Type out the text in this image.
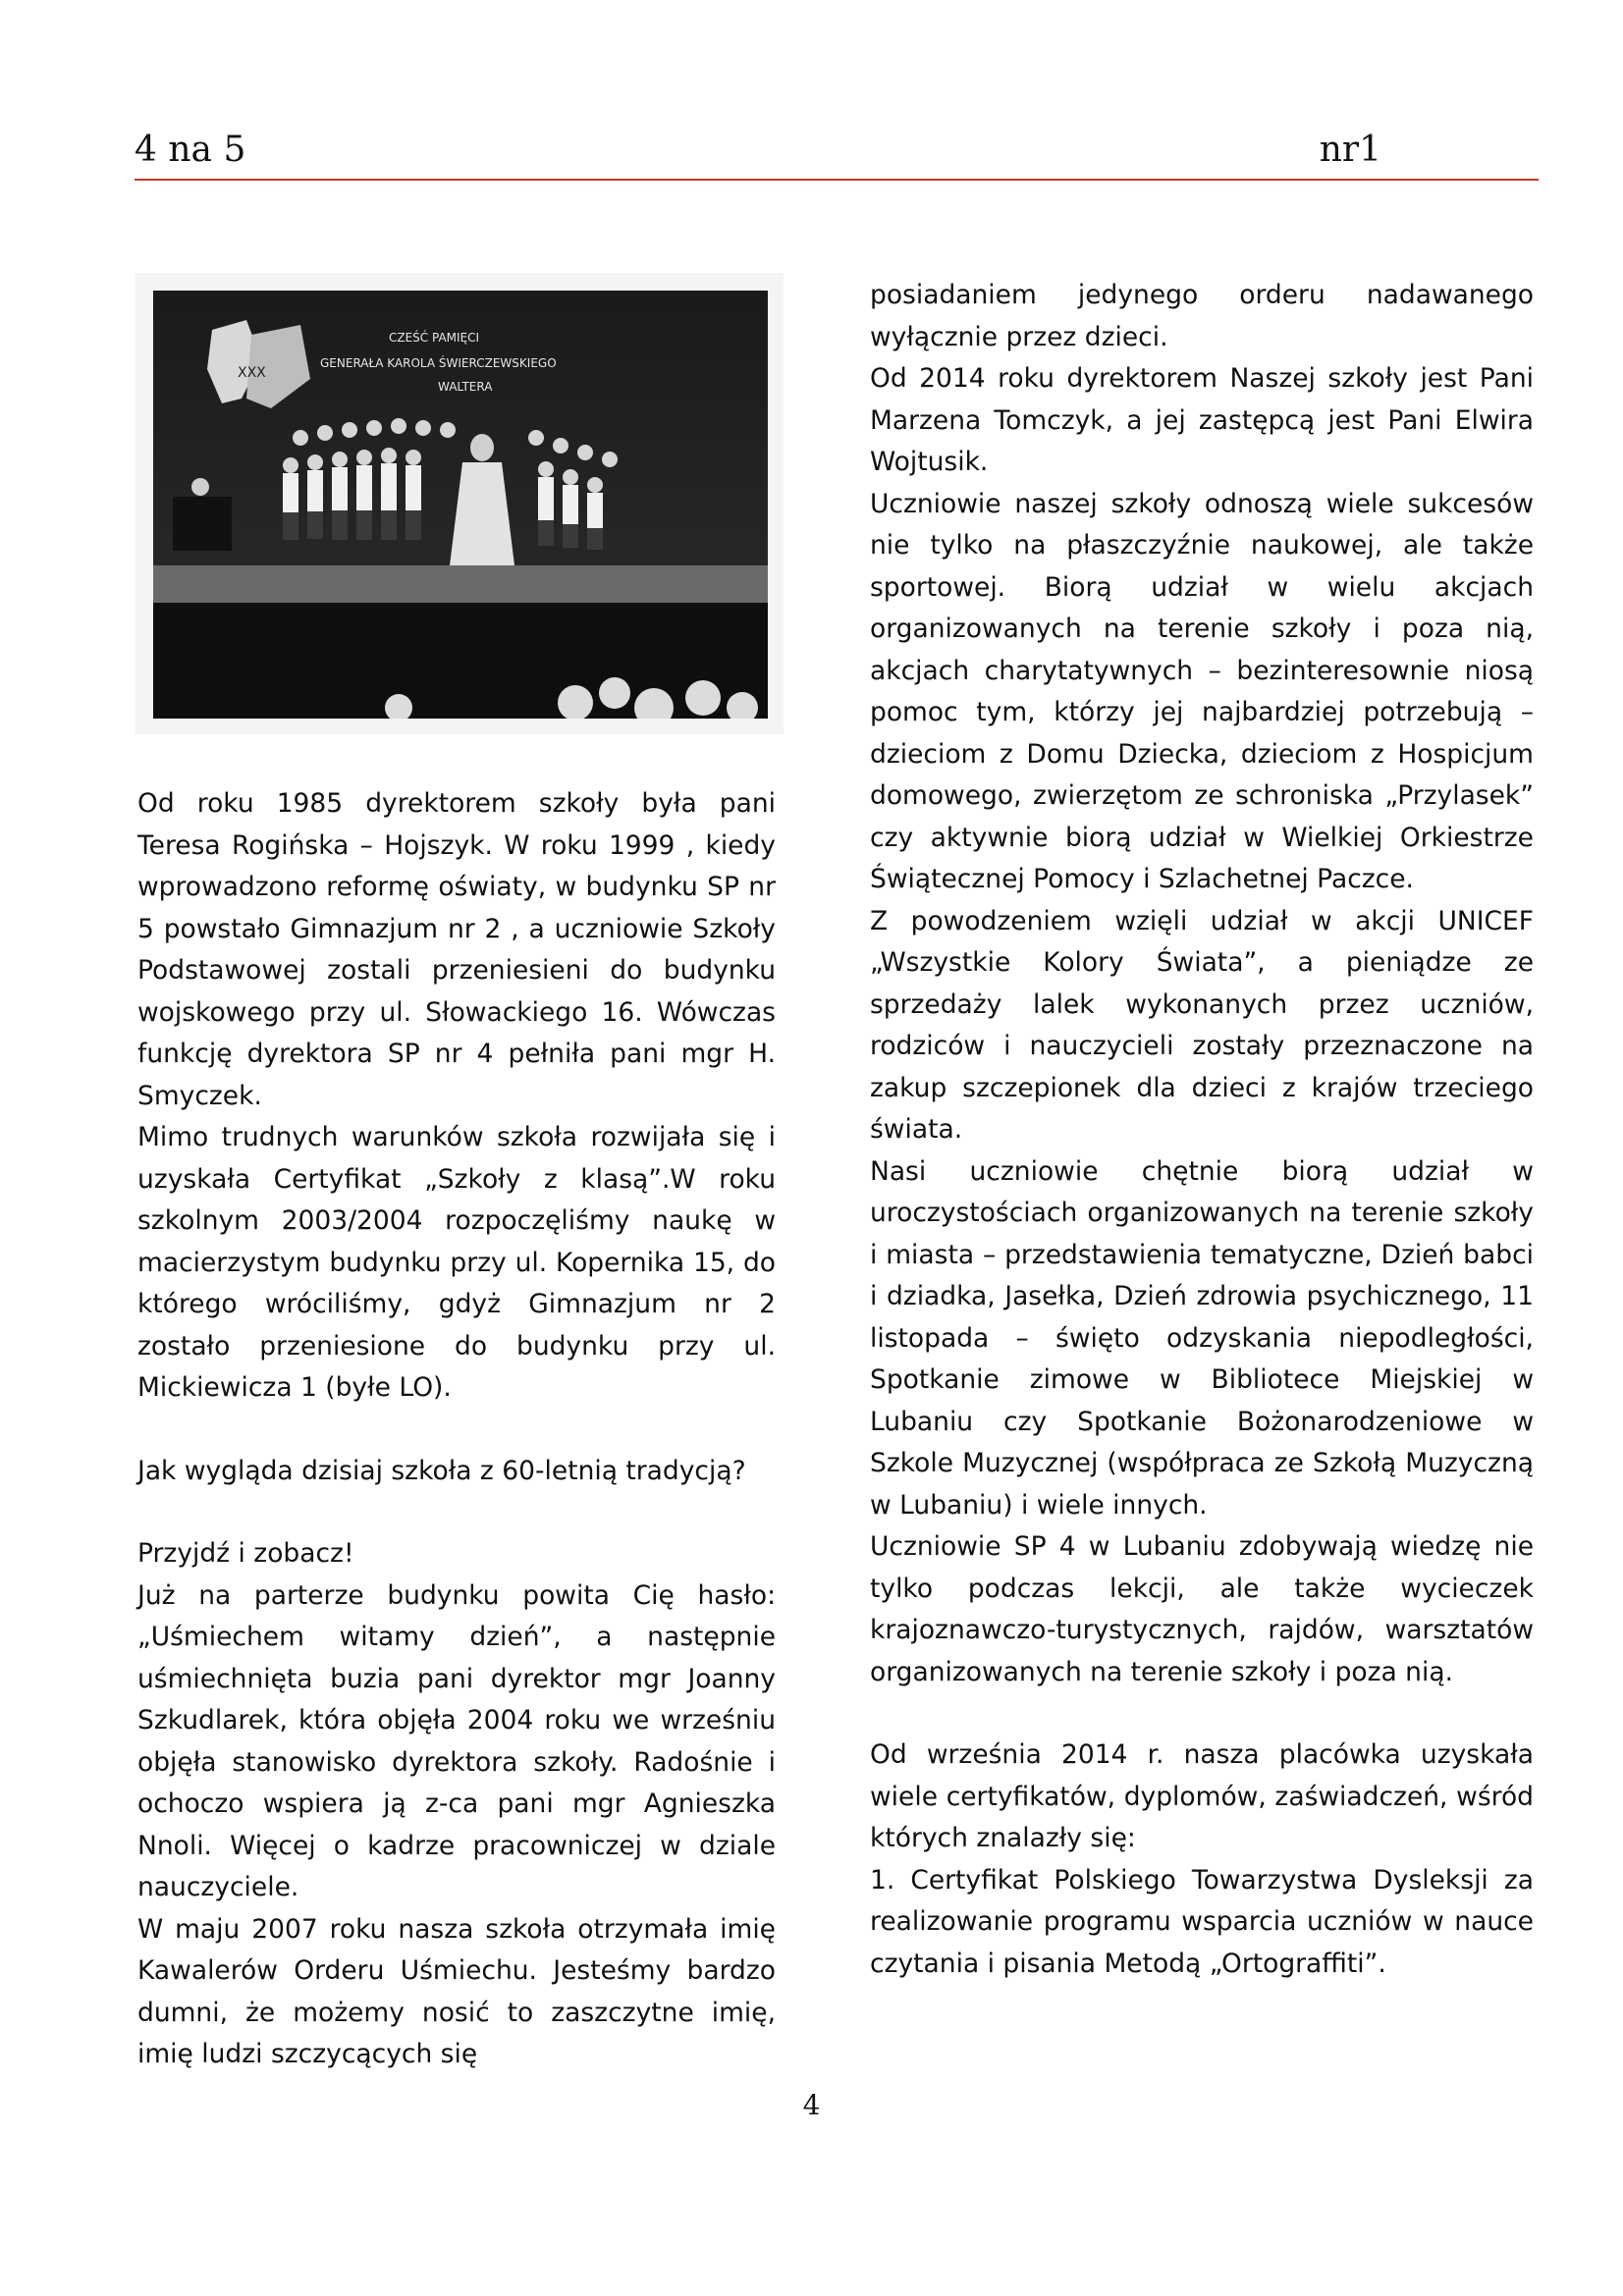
4 na 5	nr1
XXX
CZEŚĆ PAMIĘCI
GENERAŁA KAROLA ŚWIERCZEWSKIEGO
WALTERA

Od roku 1985 dyrektorem szkoły była pani Teresa Rogińska – Hojszyk. W roku 1999 , kiedy wprowadzono reformę oświaty, w budynku SP nr 5 powstało Gimnazjum nr 2 , a uczniowie Szkoły Podstawowej zostali przeniesieni do budynku wojskowego przy ul. Słowackiego 16. Wówczas funkcję dyrektora SP nr 4 pełniła pani mgr H. Smyczek.

Mimo trudnych warunków szkoła rozwijała się i uzyskała Certyfikat „Szkoły z klasą”.W roku szkolnym 2003/2004 rozpoczęliśmy naukę w macierzystym budynku przy ul. Kopernika 15, do którego wróciliśmy, gdyż Gimnazjum nr 2 zostało przeniesione do budynku przy ul. Mickiewicza 1 (byłe LO).

Jak wygląda dzisiaj szkoła z 60-letnią tradycją?

Przyjdź i zobacz!

Już na parterze budynku powita Cię hasło: „Uśmiechem witamy dzień”, a następnie uśmiechnięta buzia pani dyrektor mgr Joanny Szkudlarek, która objęła 2004 roku we wrześniu objęła stanowisko dyrektora szkoły. Radośnie i ochoczo wspiera ją z-ca pani mgr Agnieszka Nnoli. Więcej o kadrze pracowniczej w dziale nauczyciele.

W maju 2007 roku nasza szkoła otrzymała imię Kawalerów Orderu Uśmiechu. Jesteśmy bardzo dumni, że możemy nosić to zaszczytne imię, imię ludzi szczycących się

posiadaniem jedynego orderu nadawanego wyłącznie przez dzieci.

Od 2014 roku dyrektorem Naszej szkoły jest Pani Marzena Tomczyk, a jej zastępcą jest Pani Elwira Wojtusik.

Uczniowie naszej szkoły odnoszą wiele sukcesów nie tylko na płaszczyźnie naukowej, ale także sportowej. Biorą udział w wielu akcjach organizowanych na terenie szkoły i poza nią, akcjach charytatywnych – bezinteresownie niosą pomoc tym, którzy jej najbardziej potrzebują – dzieciom z Domu Dziecka, dzieciom z Hospicjum domowego, zwierzętom ze schroniska „Przylasek” czy aktywnie biorą udział w Wielkiej Orkiestrze Świątecznej Pomocy i Szlachetnej Paczce.

Z powodzeniem wzięli udział w akcji UNICEF „Wszystkie Kolory Świata”, a pieniądze ze sprzedaży lalek wykonanych przez uczniów, rodziców i nauczycieli zostały przeznaczone na zakup szczepionek dla dzieci z krajów trzeciego świata.

Nasi uczniowie chętnie biorą udział w uroczystościach organizowanych na terenie szkoły i miasta – przedstawienia tematyczne, Dzień babci i dziadka, Jasełka, Dzień zdrowia psychicznego, 11 listopada – święto odzyskania niepodległości, Spotkanie zimowe w Bibliotece Miejskiej w Lubaniu czy Spotkanie Bożonarodzeniowe w Szkole Muzycznej (współpraca ze Szkołą Muzyczną w Lubaniu) i wiele innych.

Uczniowie SP 4 w Lubaniu zdobywają wiedzę nie tylko podczas lekcji, ale także wycieczek krajoznawczo-turystycznych, rajdów, warsztatów organizowanych na terenie szkoły i poza nią.

Od września 2014 r. nasza placówka uzyskała wiele certyfikatów, dyplomów, zaświadczeń, wśród których znalazły się:

1. Certyfikat Polskiego Towarzystwa Dysleksji za realizowanie programu wsparcia uczniów w nauce czytania i pisania Metodą „Ortograffiti”.

4
